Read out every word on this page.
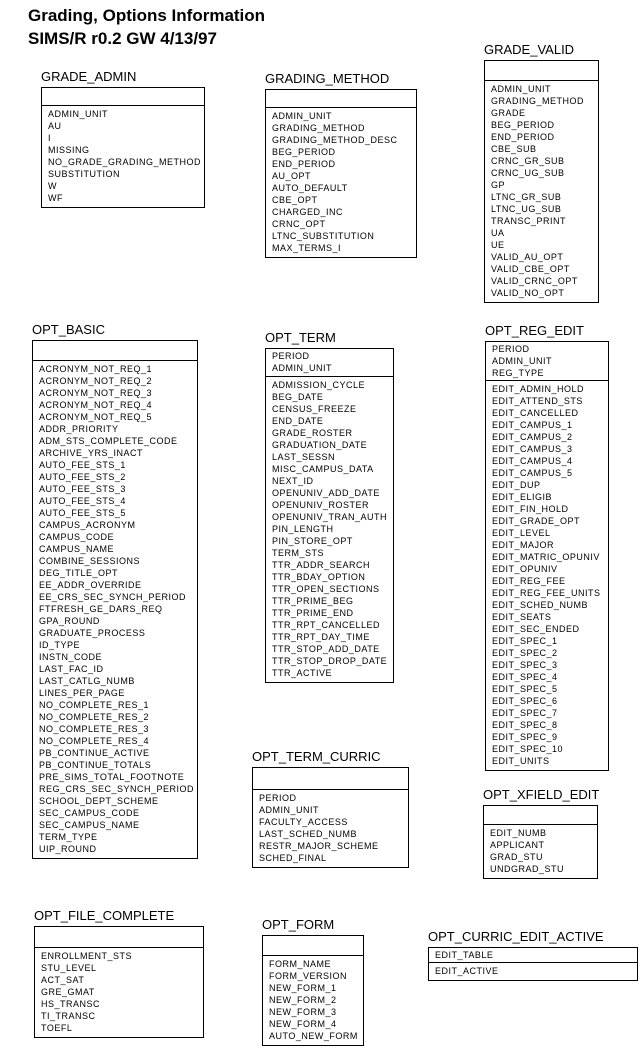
Grading, Options Information
SIMS/R r0.2 GW 4/13/97
GRADE_ADMIN
ADMIN_UNIT
AU
I
MISSING
NO_GRADE_GRADING_METHOD
SUBSTITUTION
W
WF
GRADING_METHOD
ADMIN_UNIT
GRADING_METHOD
GRADING_METHOD_DESC
BEG_PERIOD
END_PERIOD
AU_OPT
AUTO_DEFAULT
CBE_OPT
CHARGED_INC
CRNC_OPT
LTNC_SUBSTITUTION
MAX_TERMS_I
GRADE_VALID
ADMIN_UNIT
GRADING_METHOD
GRADE
BEG_PERIOD
END_PERIOD
CBE_SUB
CRNC_GR_SUB
CRNC_UG_SUB
GP
LTNC_GR_SUB
LTNC_UG_SUB
TRANSC_PRINT
UA
UE
VALID_AU_OPT
VALID_CBE_OPT
VALID_CRNC_OPT
VALID_NO_OPT
OPT_BASIC
ACRONYM_NOT_REQ_1
ACRONYM_NOT_REQ_2
ACRONYM_NOT_REQ_3
ACRONYM_NOT_REQ_4
ACRONYM_NOT_REQ_5
ADDR_PRIORITY
ADM_STS_COMPLETE_CODE
ARCHIVE_YRS_INACT
AUTO_FEE_STS_1
AUTO_FEE_STS_2
AUTO_FEE_STS_3
AUTO_FEE_STS_4
AUTO_FEE_STS_5
CAMPUS_ACRONYM
CAMPUS_CODE
CAMPUS_NAME
COMBINE_SESSIONS
DEG_TITLE_OPT
EE_ADDR_OVERRIDE
EE_CRS_SEC_SYNCH_PERIOD
FTFRESH_GE_DARS_REQ
GPA_ROUND
GRADUATE_PROCESS
ID_TYPE
INSTN_CODE
LAST_FAC_ID
LAST_CATLG_NUMB
LINES_PER_PAGE
NO_COMPLETE_RES_1
NO_COMPLETE_RES_2
NO_COMPLETE_RES_3
NO_COMPLETE_RES_4
PB_CONTINUE_ACTIVE
PB_CONTINUE_TOTALS
PRE_SIMS_TOTAL_FOOTNOTE
REG_CRS_SEC_SYNCH_PERIOD
SCHOOL_DEPT_SCHEME
SEC_CAMPUS_CODE
SEC_CAMPUS_NAME
TERM_TYPE
UIP_ROUND
OPT_TERM
PERIOD
ADMIN_UNIT
ADMISSION_CYCLE
BEG_DATE
CENSUS_FREEZE
END_DATE
GRADE_ROSTER
GRADUATION_DATE
LAST_SESSN
MISC_CAMPUS_DATA
NEXT_ID
OPENUNIV_ADD_DATE
OPENUNIV_ROSTER
OPENUNIV_TRAN_AUTH
PIN_LENGTH
PIN_STORE_OPT
TERM_STS
TTR_ADDR_SEARCH
TTR_BDAY_OPTION
TTR_OPEN_SECTIONS
TTR_PRIME_BEG
TTR_PRIME_END
TTR_RPT_CANCELLED
TTR_RPT_DAY_TIME
TTR_STOP_ADD_DATE
TTR_STOP_DROP_DATE
TTR_ACTIVE
OPT_REG_EDIT
PERIOD
ADMIN_UNIT
REG_TYPE
EDIT_ADMIN_HOLD
EDIT_ATTEND_STS
EDIT_CANCELLED
EDIT_CAMPUS_1
EDIT_CAMPUS_2
EDIT_CAMPUS_3
EDIT_CAMPUS_4
EDIT_CAMPUS_5
EDIT_DUP
EDIT_ELIGIB
EDIT_FIN_HOLD
EDIT_GRADE_OPT
EDIT_LEVEL
EDIT_MAJOR
EDIT_MATRIC_OPUNIV
EDIT_OPUNIV
EDIT_REG_FEE
EDIT_REG_FEE_UNITS
EDIT_SCHED_NUMB
EDIT_SEATS
EDIT_SEC_ENDED
EDIT_SPEC_1
EDIT_SPEC_2
EDIT_SPEC_3
EDIT_SPEC_4
EDIT_SPEC_5
EDIT_SPEC_6
EDIT_SPEC_7
EDIT_SPEC_8
EDIT_SPEC_9
EDIT_SPEC_10
EDIT_UNITS
OPT_TERM_CURRIC
PERIOD
ADMIN_UNIT
FACULTY_ACCESS
LAST_SCHED_NUMB
RESTR_MAJOR_SCHEME
SCHED_FINAL
OPT_XFIELD_EDIT
EDIT_NUMB
APPLICANT
GRAD_STU
UNDGRAD_STU
OPT_FILE_COMPLETE
ENROLLMENT_STS
STU_LEVEL
ACT_SAT
GRE_GMAT
HS_TRANSC
TI_TRANSC
TOEFL
OPT_FORM
FORM_NAME
FORM_VERSION
NEW_FORM_1
NEW_FORM_2
NEW_FORM_3
NEW_FORM_4
AUTO_NEW_FORM
OPT_CURRIC_EDIT_ACTIVE
EDIT_TABLE
EDIT_ACTIVE
